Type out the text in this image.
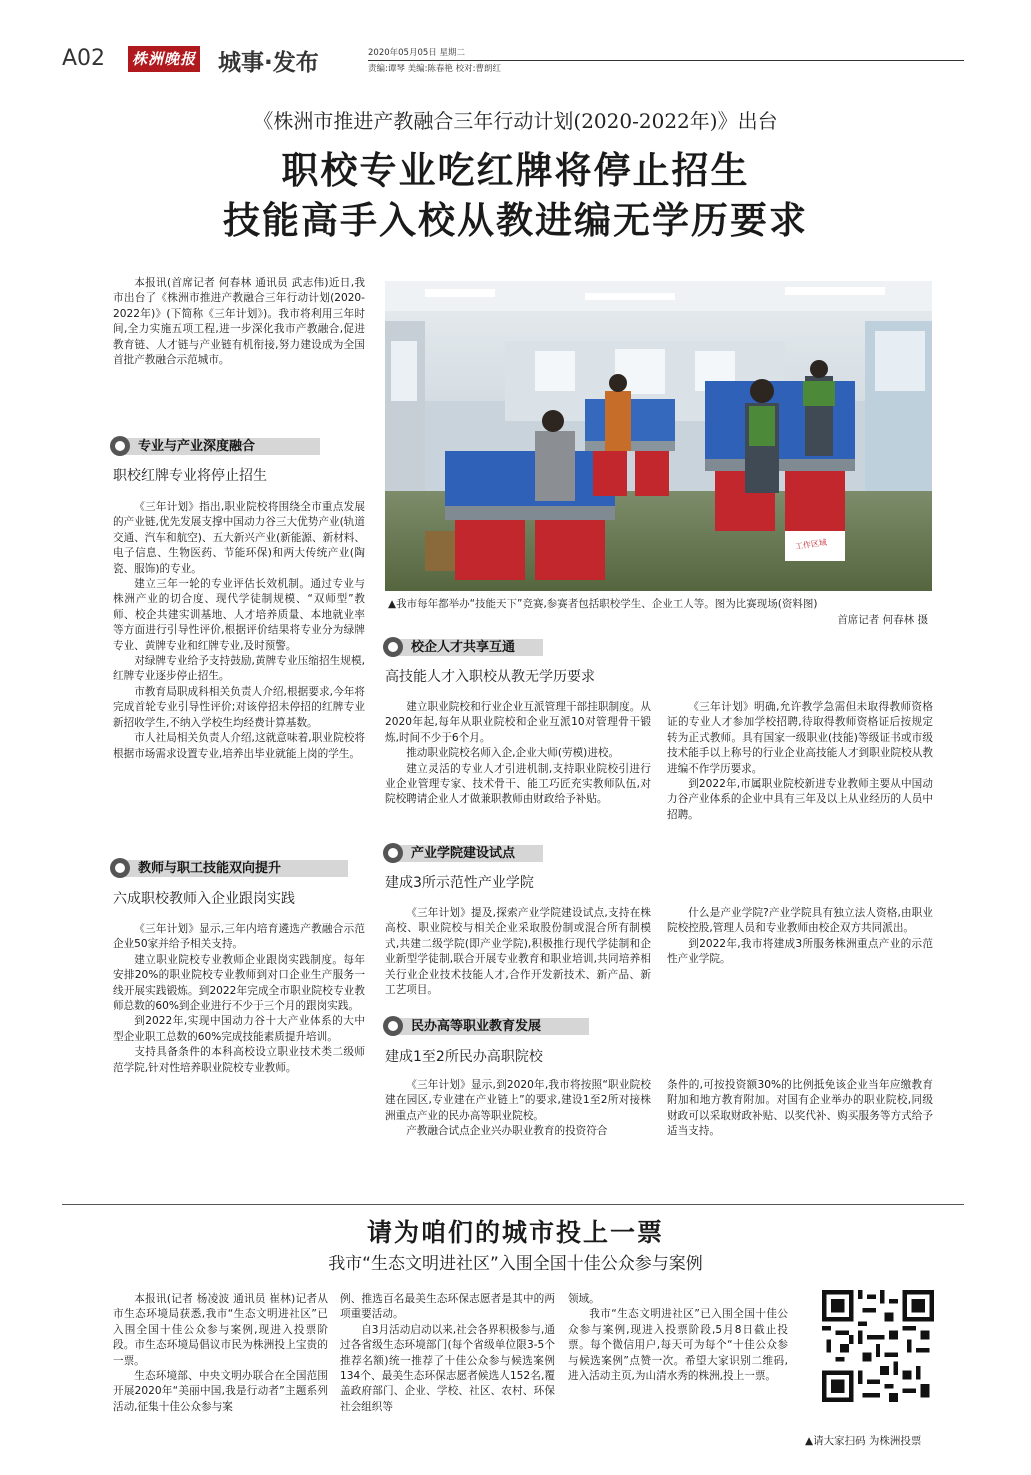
A02 株洲晚报 城事·发布	2020年05月05日 星期二
责编:谭琴 美编:陈春艳 校对:曹朗红
《株洲市推进产教融合三年行动计划(2020-2022年)》出台
职校专业吃红牌将停止招生
技能高手入校从教进编无学历要求

本报讯(首席记者 何春林 通讯员 武志伟)近日,我市出台了《株洲市推进产教融合三年行动计划(2020-2022年)》(下简称《三年计划》)。我市将利用三年时间,全力实施五项工程,进一步深化我市产教融合,促进教育链、人才链与产业链有机衔接,努力建设成为全国首批产教融合示范城市。

专业与产业深度融合
职校红牌专业将停止招生

《三年计划》指出,职业院校将围绕全市重点发展的产业链,优先发展支撑中国动力谷三大优势产业(轨道交通、汽车和航空)、五大新兴产业(新能源、新材料、电子信息、生物医药、节能环保)和两大传统产业(陶瓷、服饰)的专业。

建立三年一轮的专业评估长效机制。通过专业与株洲产业的切合度、现代学徒制规模、“双师型”教师、校企共建实训基地、人才培养质量、本地就业率等方面进行引导性评价,根据评价结果将专业分为绿牌专业、黄牌专业和红牌专业,及时预警。

对绿牌专业给予支持鼓励,黄牌专业压缩招生规模,红牌专业逐步停止招生。

市教育局职成科相关负责人介绍,根据要求,今年将完成首轮专业引导性评价;对该停招未停招的红牌专业新招收学生,不纳入学校生均经费计算基数。

市人社局相关负责人介绍,这就意味着,职业院校将根据市场需求设置专业,培养出毕业就能上岗的学生。

教师与职工技能双向提升
六成职校教师入企业跟岗实践

《三年计划》显示,三年内培育遴选产教融合示范企业50家并给予相关支持。

建立职业院校专业教师企业跟岗实践制度。每年安排20%的职业院校专业教师到对口企业生产服务一线开展实践锻炼。到2022年完成全市职业院校专业教师总数的60%到企业进行不少于三个月的跟岗实践。

到2022年,实现中国动力谷十大产业体系的大中型企业职工总数的60%完成技能素质提升培训。

支持具备条件的本科高校设立职业技术类二级师范学院,针对性培养职业院校专业教师。

工作区域
▲我市每年都举办“技能天下”竞赛,参赛者包括职校学生、企业工人等。图为比赛现场(资料图)
首席记者 何春林 摄
校企人才共享互通
高技能人才入职校从教无学历要求

建立职业院校和行业企业互派管理干部挂职制度。从2020年起,每年从职业院校和企业互派10对管理骨干锻炼,时间不少于6个月。

推动职业院校名师入企,企业大师(劳模)进校。

建立灵活的专业人才引进机制,支持职业院校引进行业企业管理专家、技术骨干、能工巧匠充实教师队伍,对院校聘请企业人才做兼职教师由财政给予补贴。

《三年计划》明确,允许教学急需但未取得教师资格证的专业人才参加学校招聘,待取得教师资格证后按规定转为正式教师。具有国家一级职业(技能)等级证书或市级技术能手以上称号的行业企业高技能人才到职业院校从教进编不作学历要求。

到2022年,市属职业院校新进专业教师主要从中国动力谷产业体系的企业中具有三年及以上从业经历的人员中招聘。

产业学院建设试点
建成3所示范性产业学院

《三年计划》提及,探索产业学院建设试点,支持在株高校、职业院校与相关企业采取股份制或混合所有制模式,共建二级学院(即产业学院),积极推行现代学徒制和企业新型学徒制,联合开展专业教育和职业培训,共同培养相关行业企业技术技能人才,合作开发新技术、新产品、新工艺项目。

什么是产业学院?产业学院具有独立法人资格,由职业院校控股,管理人员和专业教师由校企双方共同派出。

到2022年,我市将建成3所服务株洲重点产业的示范性产业学院。

民办高等职业教育发展
建成1至2所民办高职院校

《三年计划》显示,到2020年,我市将按照“职业院校建在园区,专业建在产业链上”的要求,建设1至2所对接株洲重点产业的民办高等职业院校。

产教融合试点企业兴办职业教育的投资符合

条件的,可按投资额30%的比例抵免该企业当年应缴教育附加和地方教育附加。对国有企业举办的职业院校,同级财政可以采取财政补贴、以奖代补、购买服务等方式给予适当支持。

请为咱们的城市投上一票
我市“生态文明进社区”入围全国十佳公众参与案例

本报讯(记者 杨凌波 通讯员 崔林)记者从市生态环境局获悉,我市“生态文明进社区”已入围全国十佳公众参与案例,现进入投票阶段。市生态环境局倡议市民为株洲投上宝贵的一票。

生态环境部、中央文明办联合在全国范围开展2020年“美丽中国,我是行动者”主题系列活动,征集十佳公众参与案

例、推选百名最美生态环保志愿者是其中的两项重要活动。

自3月活动启动以来,社会各界积极参与,通过各省级生态环境部门(每个省级单位限3-5个推荐名额)统一推荐了十佳公众参与候选案例134个、最美生态环保志愿者候选人152名,覆盖政府部门、企业、学校、社区、农村、环保社会组织等

领域。

我市“生态文明进社区”已入围全国十佳公众参与案例,现进入投票阶段,5月8日截止投票。每个微信用户,每天可为每个“十佳公众参与候选案例”点赞一次。希望大家识别二维码,进入活动主页,为山清水秀的株洲,投上一票。

▲请大家扫码 为株洲投票
